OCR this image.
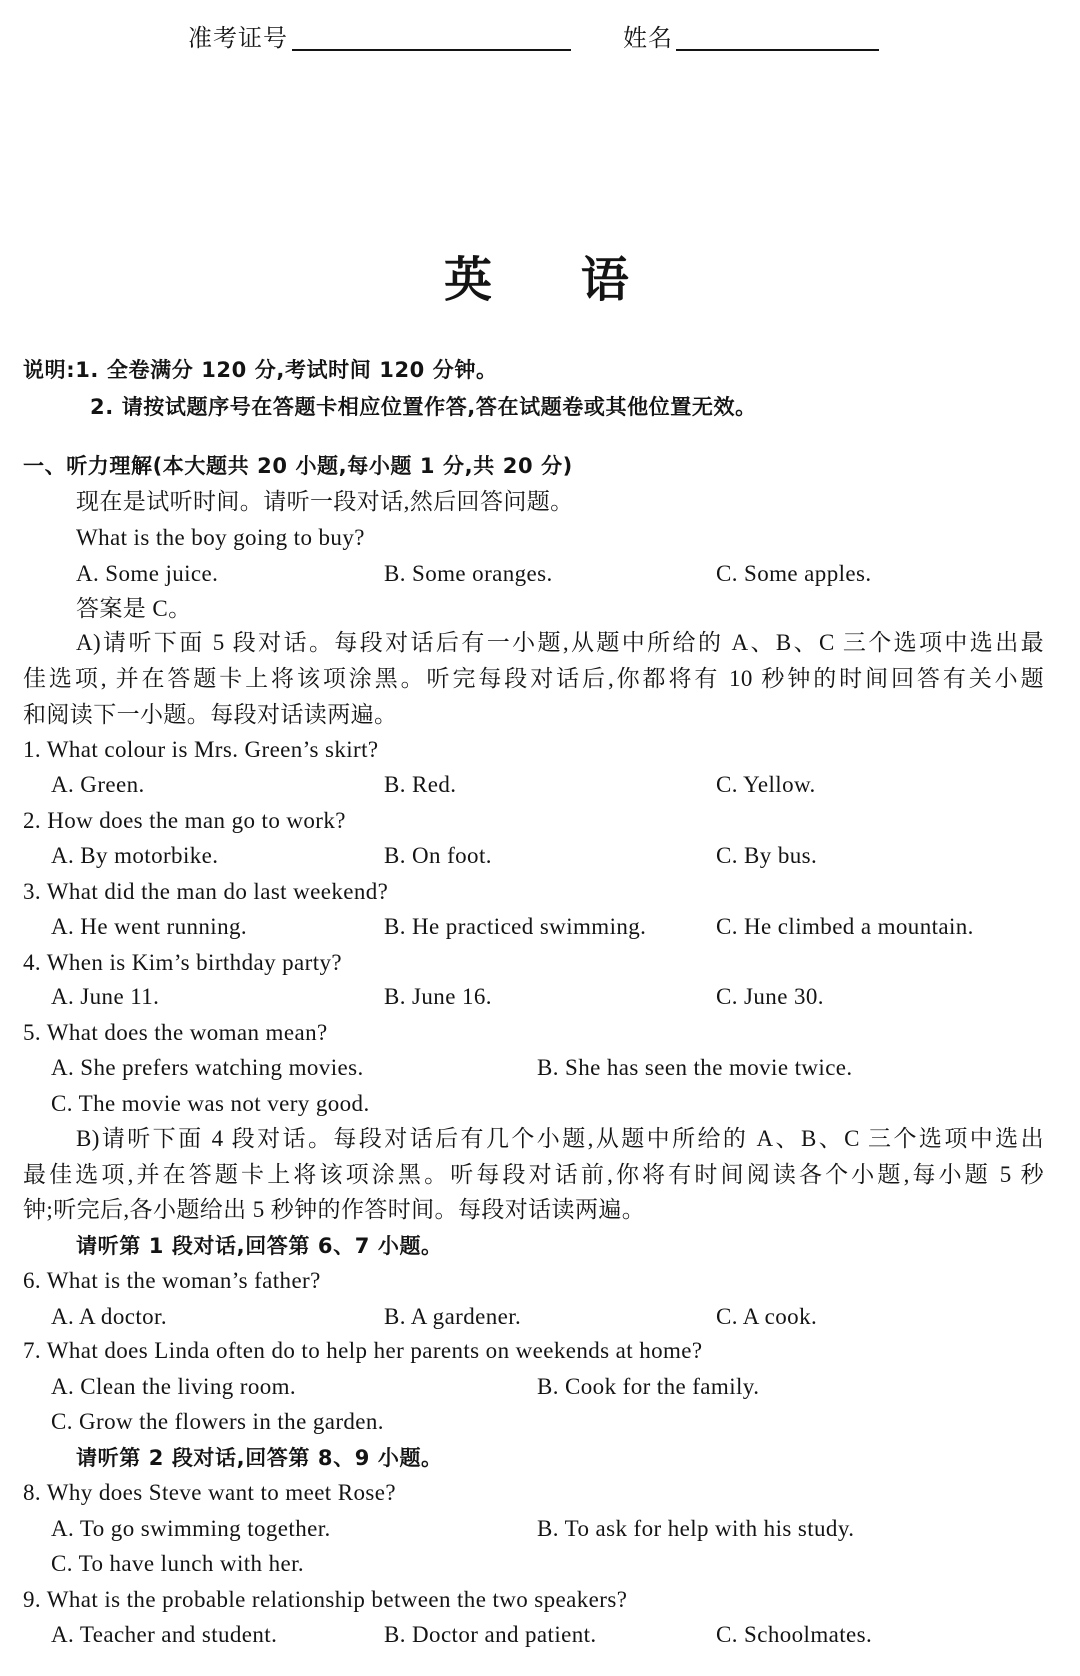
准考证号	姓名
英 语
说明:1. 全卷满分 120 分,考试时间 120 分钟。
2. 请按试题序号在答题卡相应位置作答,答在试题卷或其他位置无效。
一、听力理解(本大题共 20 小题,每小题 1 分,共 20 分)
现在是试听时间。请听一段对话,然后回答问题。
What is the boy going to buy?
A. Some juice.	B. Some oranges.	C. Some apples.
答案是 C。
A)请听下面 5 段对话。每段对话后有一小题,从题中所给的 A、B、C 三个选项中选出最
佳选项, 并在答题卡上将该项涂黑。听完每段对话后,你都将有 10 秒钟的时间回答有关小题
和阅读下一小题。每段对话读两遍。
1. What colour is Mrs. Green’s skirt?
A. Green.	B. Red.	C. Yellow.
2. How does the man go to work?
A. By motorbike.	B. On foot.	C. By bus.
3. What did the man do last weekend?
A. He went running.	B. He practiced swimming.	C. He climbed a mountain.
4. When is Kim’s birthday party?
A. June 11.	B. June 16.	C. June 30.
5. What does the woman mean?
A. She prefers watching movies.	B. She has seen the movie twice.
C. The movie was not very good.
B)请听下面 4 段对话。每段对话后有几个小题,从题中所给的 A、B、C 三个选项中选出
最佳选项,并在答题卡上将该项涂黑。听每段对话前,你将有时间阅读各个小题,每小题 5 秒
钟;听完后,各小题给出 5 秒钟的作答时间。每段对话读两遍。
请听第 1 段对话,回答第 6、7 小题。
6. What is the woman’s father?
A. A doctor.	B. A gardener.	C. A cook.
7. What does Linda often do to help her parents on weekends at home?
A. Clean the living room.	B. Cook for the family.
C. Grow the flowers in the garden.
请听第 2 段对话,回答第 8、9 小题。
8. Why does Steve want to meet Rose?
A. To go swimming together.	B. To ask for help with his study.
C. To have lunch with her.
9. What is the probable relationship between the two speakers?
A. Teacher and student.	B. Doctor and patient.	C. Schoolmates.
